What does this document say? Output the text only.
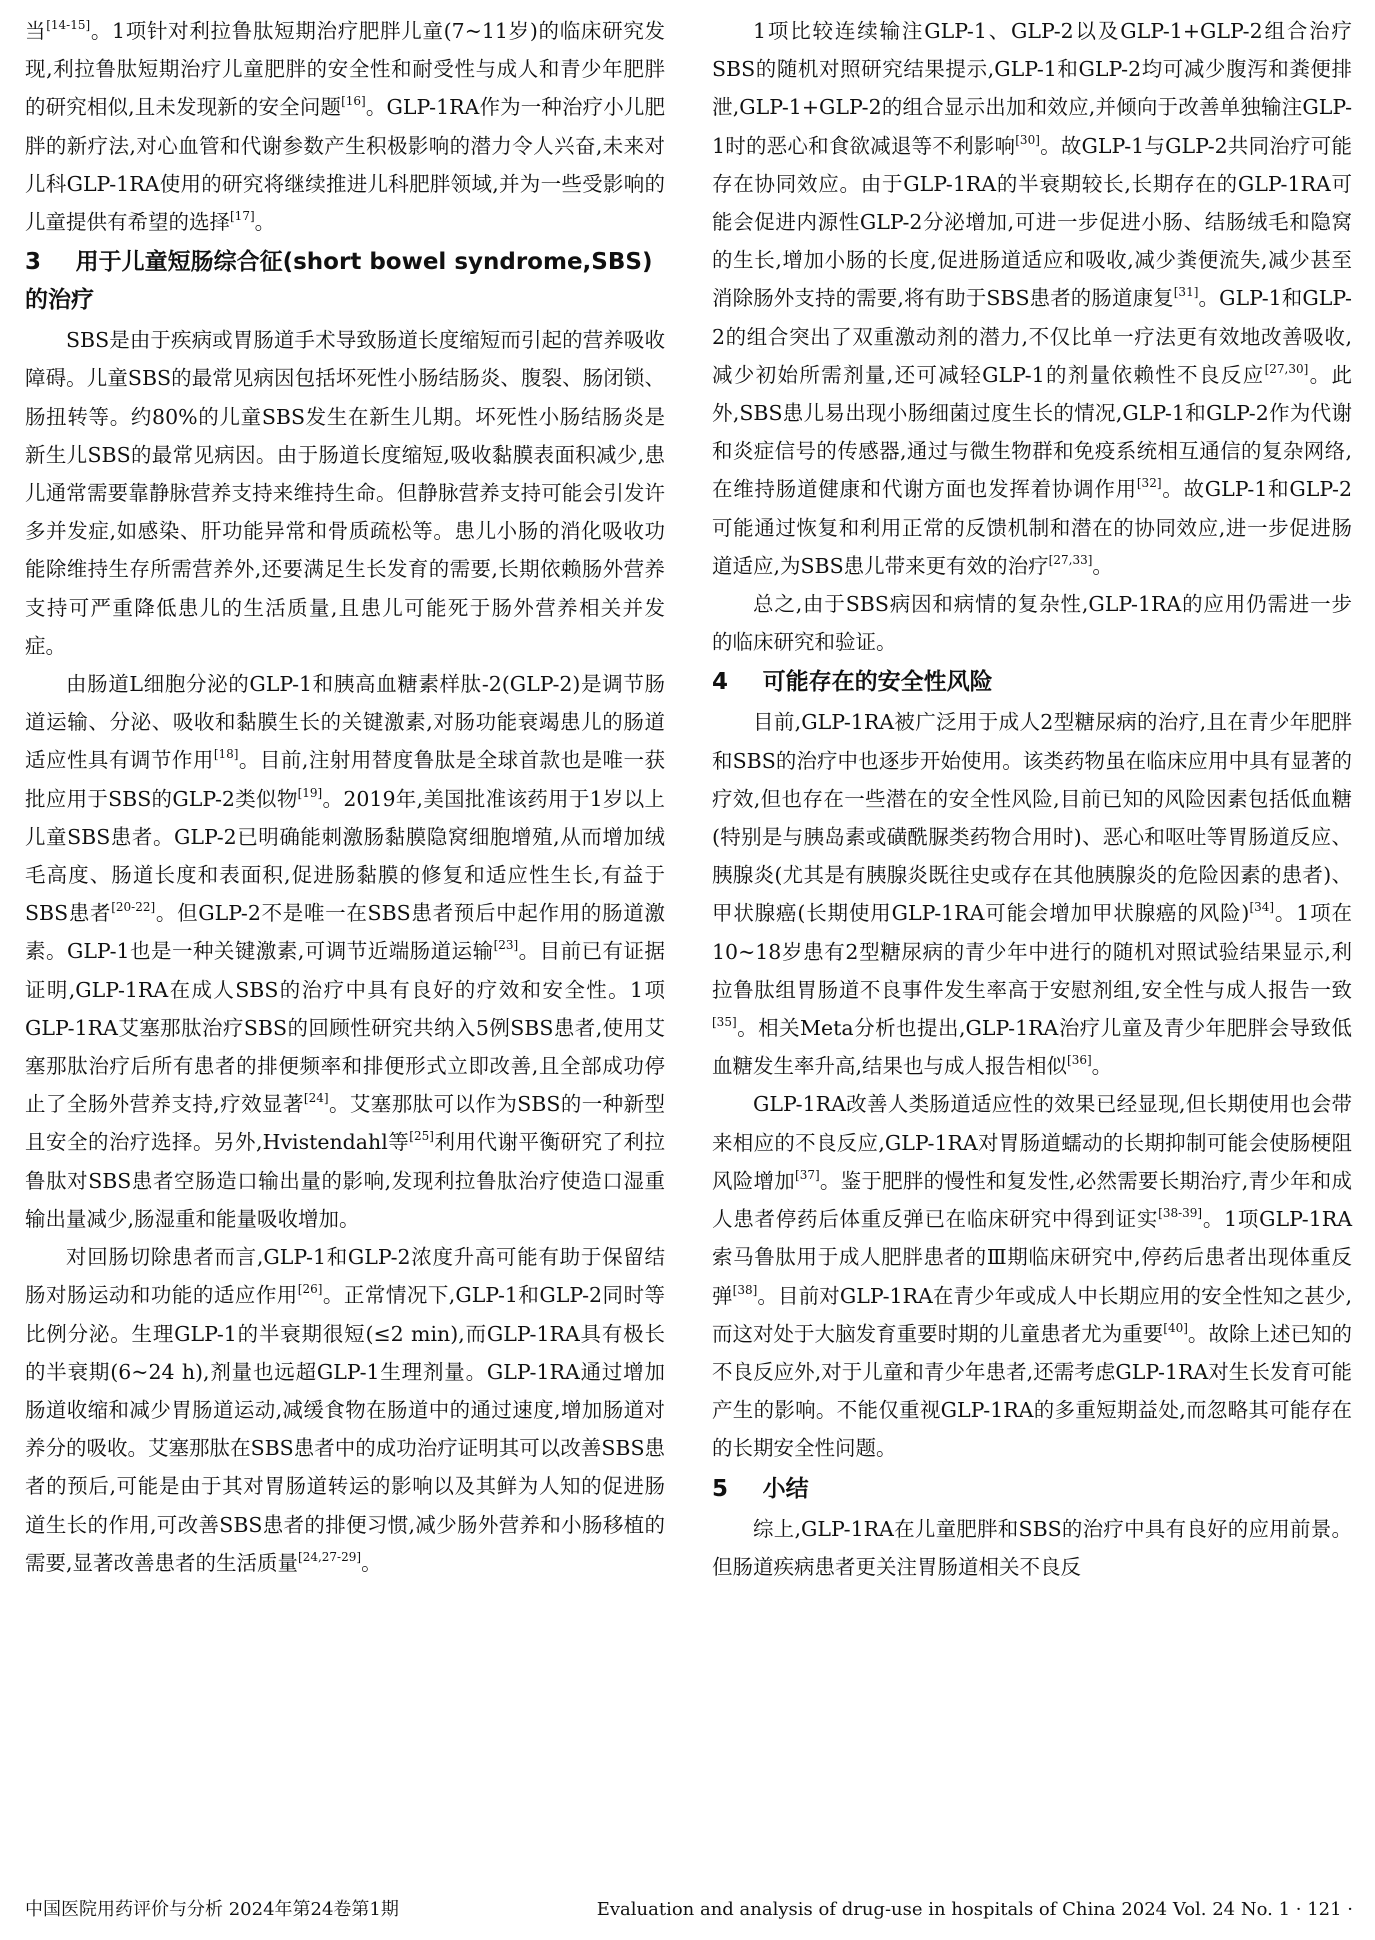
当[14-15]。1项针对利拉鲁肽短期治疗肥胖儿童(7~11岁)的临床研究发现,利拉鲁肽短期治疗儿童肥胖的安全性和耐受性与成人和青少年肥胖的研究相似,且未发现新的安全问题[16]。GLP-1RA作为一种治疗小儿肥胖的新疗法,对心血管和代谢参数产生积极影响的潜力令人兴奋,未来对儿科GLP-1RA使用的研究将继续推进儿科肥胖领域,并为一些受影响的儿童提供有希望的选择[17]。

3 用于儿童短肠综合征(short bowel syndrome,SBS)的治疗

SBS是由于疾病或胃肠道手术导致肠道长度缩短而引起的营养吸收障碍。儿童SBS的最常见病因包括坏死性小肠结肠炎、腹裂、肠闭锁、肠扭转等。约80%的儿童SBS发生在新生儿期。坏死性小肠结肠炎是新生儿SBS的最常见病因。由于肠道长度缩短,吸收黏膜表面积减少,患儿通常需要靠静脉营养支持来维持生命。但静脉营养支持可能会引发许多并发症,如感染、肝功能异常和骨质疏松等。患儿小肠的消化吸收功能除维持生存所需营养外,还要满足生长发育的需要,长期依赖肠外营养支持可严重降低患儿的生活质量,且患儿可能死于肠外营养相关并发症。

由肠道L细胞分泌的GLP-1和胰高血糖素样肽-2(GLP-2)是调节肠道运输、分泌、吸收和黏膜生长的关键激素,对肠功能衰竭患儿的肠道适应性具有调节作用[18]。目前,注射用替度鲁肽是全球首款也是唯一获批应用于SBS的GLP-2类似物[19]。2019年,美国批准该药用于1岁以上儿童SBS患者。GLP-2已明确能刺激肠黏膜隐窝细胞增殖,从而增加绒毛高度、肠道长度和表面积,促进肠黏膜的修复和适应性生长,有益于SBS患者[20-22]。但GLP-2不是唯一在SBS患者预后中起作用的肠道激素。GLP-1也是一种关键激素,可调节近端肠道运输[23]。目前已有证据证明,GLP-1RA在成人SBS的治疗中具有良好的疗效和安全性。1项GLP-1RA艾塞那肽治疗SBS的回顾性研究共纳入5例SBS患者,使用艾塞那肽治疗后所有患者的排便频率和排便形式立即改善,且全部成功停止了全肠外营养支持,疗效显著[24]。艾塞那肽可以作为SBS的一种新型且安全的治疗选择。另外,Hvistendahl等[25]利用代谢平衡研究了利拉鲁肽对SBS患者空肠造口输出量的影响,发现利拉鲁肽治疗使造口湿重输出量减少,肠湿重和能量吸收增加。

对回肠切除患者而言,GLP-1和GLP-2浓度升高可能有助于保留结肠对肠运动和功能的适应作用[26]。正常情况下,GLP-1和GLP-2同时等比例分泌。生理GLP-1的半衰期很短(≤2 min),而GLP-1RA具有极长的半衰期(6~24 h),剂量也远超GLP-1生理剂量。GLP-1RA通过增加肠道收缩和减少胃肠道运动,减缓食物在肠道中的通过速度,增加肠道对养分的吸收。艾塞那肽在SBS患者中的成功治疗证明其可以改善SBS患者的预后,可能是由于其对胃肠道转运的影响以及其鲜为人知的促进肠道生长的作用,可改善SBS患者的排便习惯,减少肠外营养和小肠移植的需要,显著改善患者的生活质量[24,27-29]。

1项比较连续输注GLP-1、GLP-2以及GLP-1+GLP-2组合治疗SBS的随机对照研究结果提示,GLP-1和GLP-2均可减少腹泻和粪便排泄,GLP-1+GLP-2的组合显示出加和效应,并倾向于改善单独输注GLP-1时的恶心和食欲减退等不利影响[30]。故GLP-1与GLP-2共同治疗可能存在协同效应。由于GLP-1RA的半衰期较长,长期存在的GLP-1RA可能会促进内源性GLP-2分泌增加,可进一步促进小肠、结肠绒毛和隐窝的生长,增加小肠的长度,促进肠道适应和吸收,减少粪便流失,减少甚至消除肠外支持的需要,将有助于SBS患者的肠道康复[31]。GLP-1和GLP-2的组合突出了双重激动剂的潜力,不仅比单一疗法更有效地改善吸收,减少初始所需剂量,还可减轻GLP-1的剂量依赖性不良反应[27,30]。此外,SBS患儿易出现小肠细菌过度生长的情况,GLP-1和GLP-2作为代谢和炎症信号的传感器,通过与微生物群和免疫系统相互通信的复杂网络,在维持肠道健康和代谢方面也发挥着协调作用[32]。故GLP-1和GLP-2可能通过恢复和利用正常的反馈机制和潜在的协同效应,进一步促进肠道适应,为SBS患儿带来更有效的治疗[27,33]。

总之,由于SBS病因和病情的复杂性,GLP-1RA的应用仍需进一步的临床研究和验证。

4 可能存在的安全性风险

目前,GLP-1RA被广泛用于成人2型糖尿病的治疗,且在青少年肥胖和SBS的治疗中也逐步开始使用。该类药物虽在临床应用中具有显著的疗效,但也存在一些潜在的安全性风险,目前已知的风险因素包括低血糖(特别是与胰岛素或磺酰脲类药物合用时)、恶心和呕吐等胃肠道反应、胰腺炎(尤其是有胰腺炎既往史或存在其他胰腺炎的危险因素的患者)、甲状腺癌(长期使用GLP-1RA可能会增加甲状腺癌的风险)[34]。1项在10~18岁患有2型糖尿病的青少年中进行的随机对照试验结果显示,利拉鲁肽组胃肠道不良事件发生率高于安慰剂组,安全性与成人报告一致[35]。相关Meta分析也提出,GLP-1RA治疗儿童及青少年肥胖会导致低血糖发生率升高,结果也与成人报告相似[36]。

GLP-1RA改善人类肠道适应性的效果已经显现,但长期使用也会带来相应的不良反应,GLP-1RA对胃肠道蠕动的长期抑制可能会使肠梗阻风险增加[37]。鉴于肥胖的慢性和复发性,必然需要长期治疗,青少年和成人患者停药后体重反弹已在临床研究中得到证实[38-39]。1项GLP-1RA索马鲁肽用于成人肥胖患者的Ⅲ期临床研究中,停药后患者出现体重反弹[38]。目前对GLP-1RA在青少年或成人中长期应用的安全性知之甚少,而这对处于大脑发育重要时期的儿童患者尤为重要[40]。故除上述已知的不良反应外,对于儿童和青少年患者,还需考虑GLP-1RA对生长发育可能产生的影响。不能仅重视GLP-1RA的多重短期益处,而忽略其可能存在的长期安全性问题。

5 小结

综上,GLP-1RA在儿童肥胖和SBS的治疗中具有良好的应用前景。但肠道疾病患者更关注胃肠道相关不良反

中国医院用药评价与分析 2024年第24卷第1期	Evaluation and analysis of drug-use in hospitals of China 2024 Vol. 24 No. 1 · 121 ·
